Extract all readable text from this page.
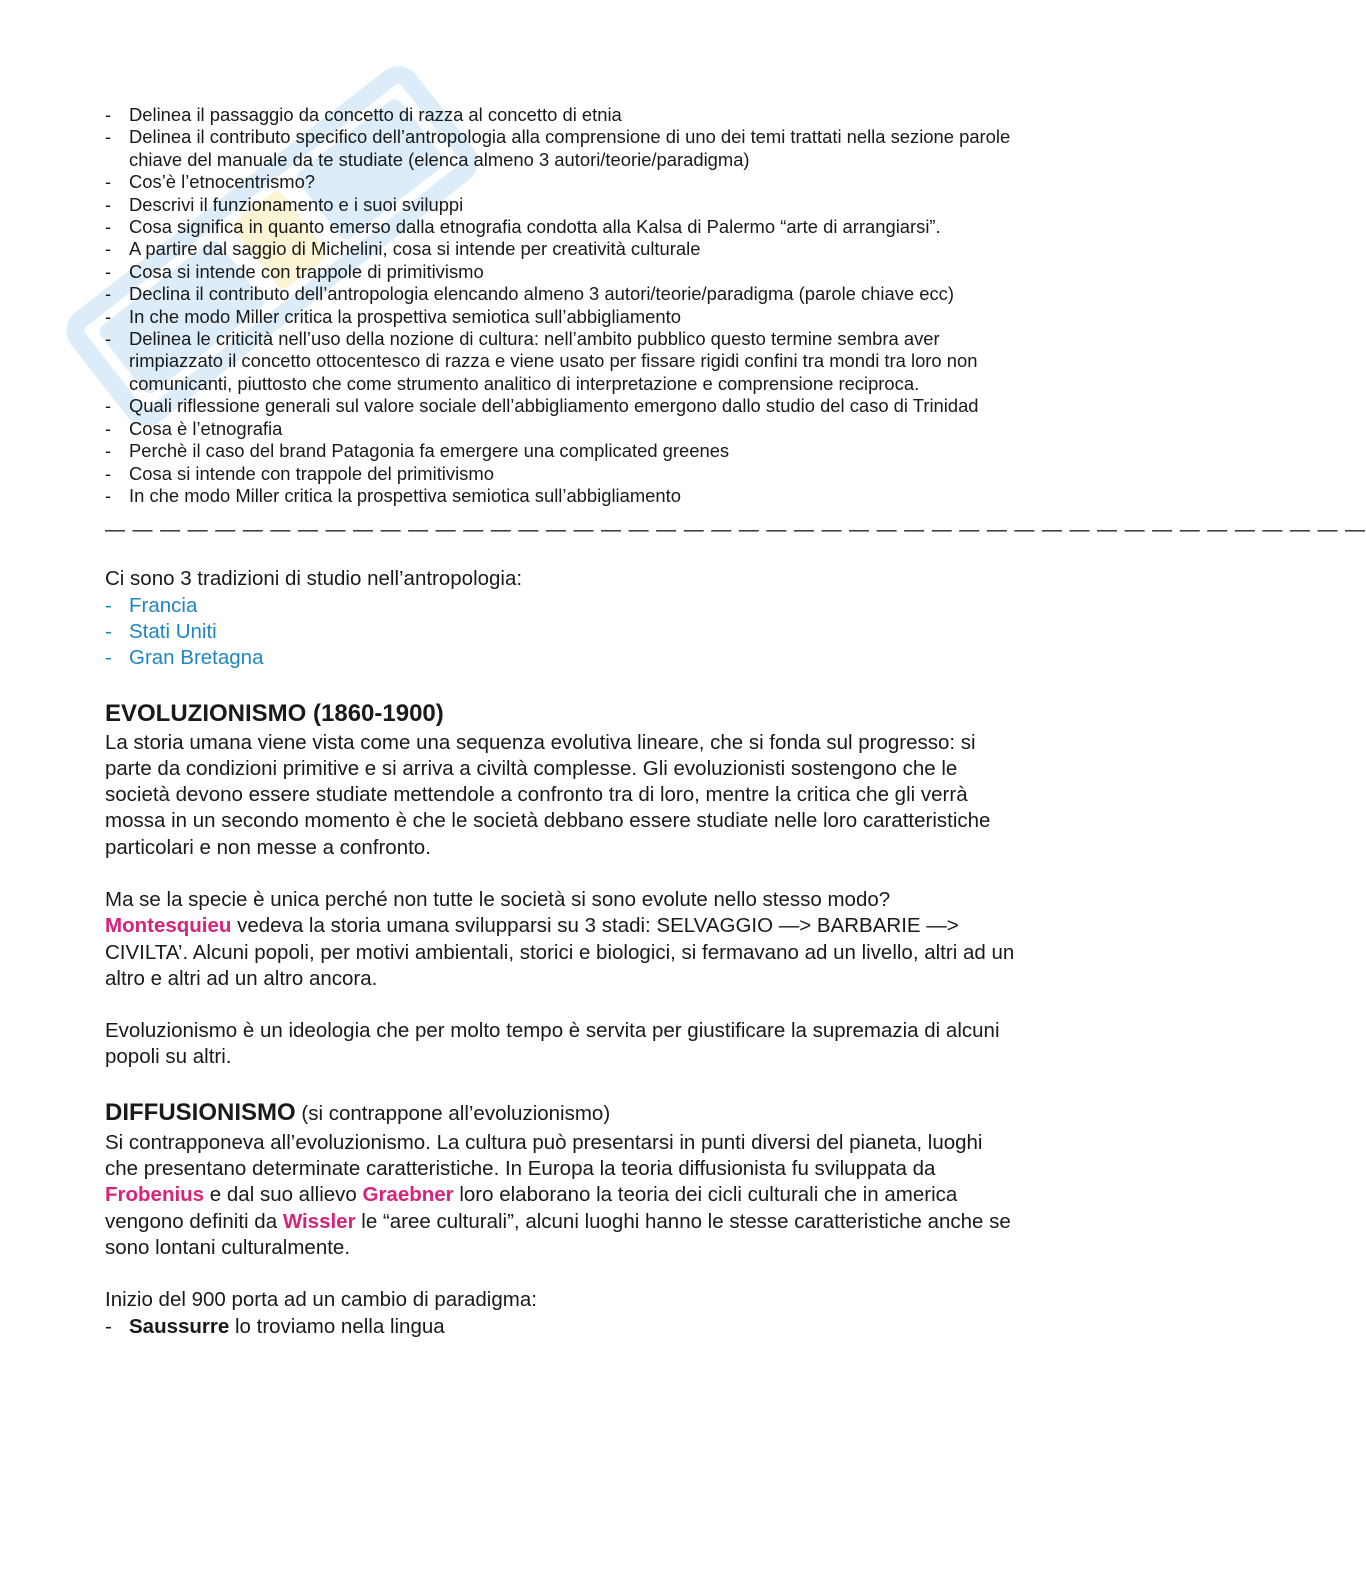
- Delinea il passaggio da concetto di razza al concetto di etnia
- Delinea il contributo specifico dell’antropologia alla comprensione di uno dei temi trattati nella sezione parole chiave del manuale da te studiate (elenca almeno 3 autori/teorie/paradigma)
- Cos’è l’etnocentrismo?
- Descrivi il funzionamento e i suoi sviluppi
- Cosa significa in quanto emerso dalla etnografia condotta alla Kalsa di Palermo “arte di arrangiarsi”.
- A partire dal saggio di Michelini, cosa si intende per creatività culturale
- Cosa si intende con trappole di primitivismo
- Declina il contributo dell’antropologia elencando almeno 3 autori/teorie/paradigma (parole chiave ecc)
- In che modo Miller critica la prospettiva semiotica sull’abbigliamento
- Delinea le criticità nell’uso della nozione di cultura: nell’ambito pubblico questo termine sembra aver rimpiazzato il concetto ottocentesco di razza e viene usato per fissare rigidi confini tra mondi tra loro non comunicanti, piuttosto che come strumento analitico di interpretazione e comprensione reciproca.
- Quali riflessione generali sul valore sociale dell’abbigliamento emergono dallo studio del caso di Trinidad
- Cosa è l’etnografia
- Perchè il caso del brand Patagonia fa emergere una complicated greenes
- Cosa si intende con trappole del primitivismo
- In che modo Miller critica la prospettiva semiotica sull’abbigliamento
— — — — — — — — — — — — — — — — — — — — — — — — — — — — — — — — — — — — — — — — — — — — — —
Ci sono 3 tradizioni di studio nell’antropologia:
- Francia
- Stati Uniti
- Gran Bretagna
EVOLUZIONISMO (1860-1900)

La storia umana viene vista come una sequenza evolutiva lineare, che si fonda sul progresso: si parte da condizioni primitive e si arriva a civiltà complesse. Gli evoluzionisti sostengono che le società devono essere studiate mettendole a confronto tra di loro, mentre la critica che gli verrà mossa in un secondo momento è che le società debbano essere studiate nelle loro caratteristiche particolari e non messe a confronto.

Ma se la specie è unica perché non tutte le società si sono evolute nello stesso modo?
Montesquieu vedeva la storia umana svilupparsi su 3 stadi: SELVAGGIO —> BARBARIE —> CIVILTA’. Alcuni popoli, per motivi ambientali, storici e biologici, si fermavano ad un livello, altri ad un altro e altri ad un altro ancora.

Evoluzionismo è un ideologia che per molto tempo è servita per giustificare la supremazia di alcuni popoli su altri.

DIFFUSIONISMO (si contrappone all’evoluzionismo)

Si contrapponeva all’evoluzionismo. La cultura può presentarsi in punti diversi del pianeta, luoghi che presentano determinate caratteristiche. In Europa la teoria diffusionista fu sviluppata da Frobenius e dal suo allievo Graebner loro elaborano la teoria dei cicli culturali che in america vengono definiti da Wissler le “aree culturali”, alcuni luoghi hanno le stesse caratteristiche anche se sono lontani culturalmente.

Inizio del 900 porta ad un cambio di paradigma:

- Saussurre lo troviamo nella lingua
